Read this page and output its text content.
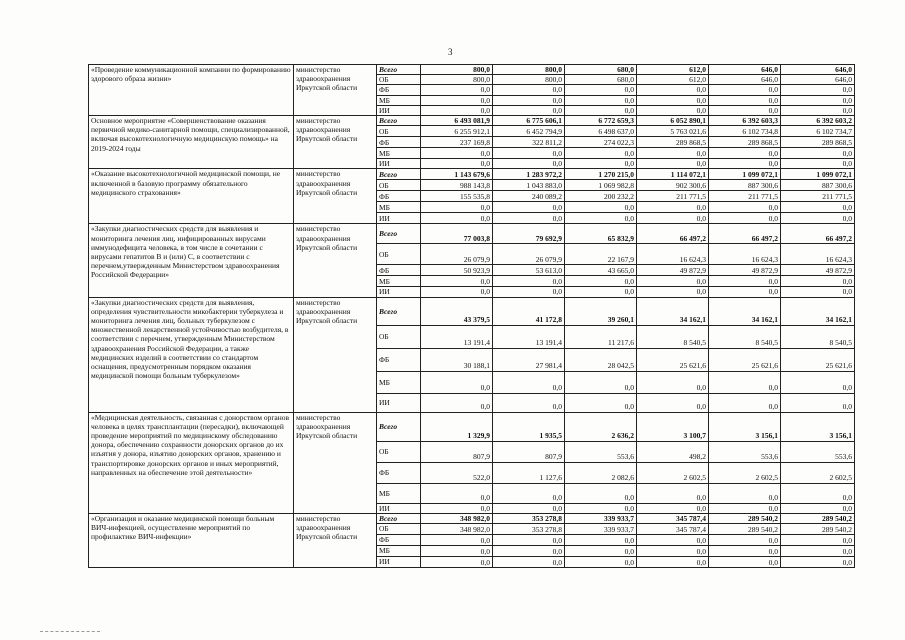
3
«Проведение коммуникационной компании по формированию здорового образа жизни»	министерство здравоохранения Иркутской области	Всего	800,0	800,0	680,0	612,0	646,0	646,0
		ОБ	800,0	800,0	680,0	612,0	646,0	646,0
		ФБ	0,0	0,0	0,0	0,0	0,0	0,0
		МБ	0,0	0,0	0,0	0,0	0,0	0,0
		ИИ	0,0	0,0	0,0	0,0	0,0	0,0
Основное мероприятие «Совершенствование оказания первичной медико-санитарной помощи, специализированной, включая высокотехнологичную медицинскую помощь» на 2019-2024 годы	министерство здравоохранения Иркутской области	Всего	6 493 081,9	6 775 606,1	6 772 659,3	6 052 890,1	6 392 603,3	6 392 603,2
		ОБ	6 255 912,1	6 452 794,9	6 498 637,0	5 763 021,6	6 102 734,8	6 102 734,7
		ФБ	237 169,8	322 811,2	274 022,3	289 868,5	289 868,5	289 868,5
		МБ	0,0	0,0	0,0	0,0	0,0	0,0
		ИИ	0,0	0,0	0,0	0,0	0,0	0,0
«Оказание высокотехнологичной медицинской помощи, не включенной в базовую программу обязательного медицинского страхования»	министерство здравоохранения Иркутской области	Всего	1 143 679,6	1 283 972,2	1 270 215,0	1 114 072,1	1 099 072,1	1 099 072,1
		ОБ	988 143,8	1 043 883,0	1 069 982,8	902 300,6	887 300,6	887 300,6
		ФБ	155 535,8	240 089,2	200 232,2	211 771,5	211 771,5	211 771,5
		МБ	0,0	0,0	0,0	0,0	0,0	0,0
		ИИ	0,0	0,0	0,0	0,0	0,0	0,0
«Закупки диагностических средств для выявления и мониторинга лечения лиц, инфицированных вирусами иммунодефицита человека, в том числе в сочетании с вирусами гепатитов В и (или) С, в соответствии с перечнем,утвержденным Министерством здравоохранения Российской Федерации»	министерство здравоохранения Иркутской области	Всего	77 003,8	79 692,9	65 832,9	66 497,2	66 497,2	66 497,2
		ОБ	26 079,9	26 079,9	22 167,9	16 624,3	16 624,3	16 624,3
		ФБ	50 923,9	53 613,0	43 665,0	49 872,9	49 872,9	49 872,9
		МБ	0,0	0,0	0,0	0,0	0,0	0,0
		ИИ	0,0	0,0	0,0	0,0	0,0	0,0
«Закупки диагностических средств для выявления, определения чувствительности микобактерии туберкулеза и мониторинга лечения лиц, больных туберкулезом с множественной лекарственной устойчивостью возбудителя, в соответствии с перечнем, утвержденным Министерством здравоохранения Российской Федерации, а также медицинских изделий в соответствии со стандартом оснащения, предусмотренным порядком оказания медицинской помощи больным туберкулезом»	министерство здравоохранения Иркутской области	Всего	43 379,5	41 172,8	39 260,1	34 162,1	34 162,1	34 162,1
		ОБ	13 191,4	13 191,4	11 217,6	8 540,5	8 540,5	8 540,5
		ФБ	30 188,1	27 981,4	28 042,5	25 621,6	25 621,6	25 621,6
		МБ	0,0	0,0	0,0	0,0	0,0	0,0
		ИИ	0,0	0,0	0,0	0,0	0,0	0,0
«Медицинская деятельность, связанная с донорством органов человека в целях трансплантации (пересадки), включающей проведение мероприятий по медицинскому обследованию донора, обеспечению сохранности донорских органов до их изъятия у донора, изъятию донорских органов, хранению и транспортировке донорских органов и иных мероприятий, направленных на обеспечение этой деятельности»	министерство здравоохранения Иркутской области	Всего	1 329,9	1 935,5	2 636,2	3 100,7	3 156,1	3 156,1
		ОБ	807,9	807,9	553,6	498,2	553,6	553,6
		ФБ	522,0	1 127,6	2 082,6	2 602,5	2 602,5	2 602,5
		МБ	0,0	0,0	0,0	0,0	0,0	0,0
		ИИ	0,0	0,0	0,0	0,0	0,0	0,0
«Организация и оказание медицинской помощи больным ВИЧ-инфекцией, осуществление мероприятий по профилактике ВИЧ-инфекции»	министерство здравоохранения Иркутской области	Всего	348 982,0	353 278,8	339 933,7	345 787,4	289 540,2	289 540,2
		ОБ	348 982,0	353 278,8	339 933,7	345 787,4	289 540,2	289 540,2
		ФБ	0,0	0,0	0,0	0,0	0,0	0,0
		МБ	0,0	0,0	0,0	0,0	0,0	0,0
		ИИ	0,0	0,0	0,0	0,0	0,0	0,0
